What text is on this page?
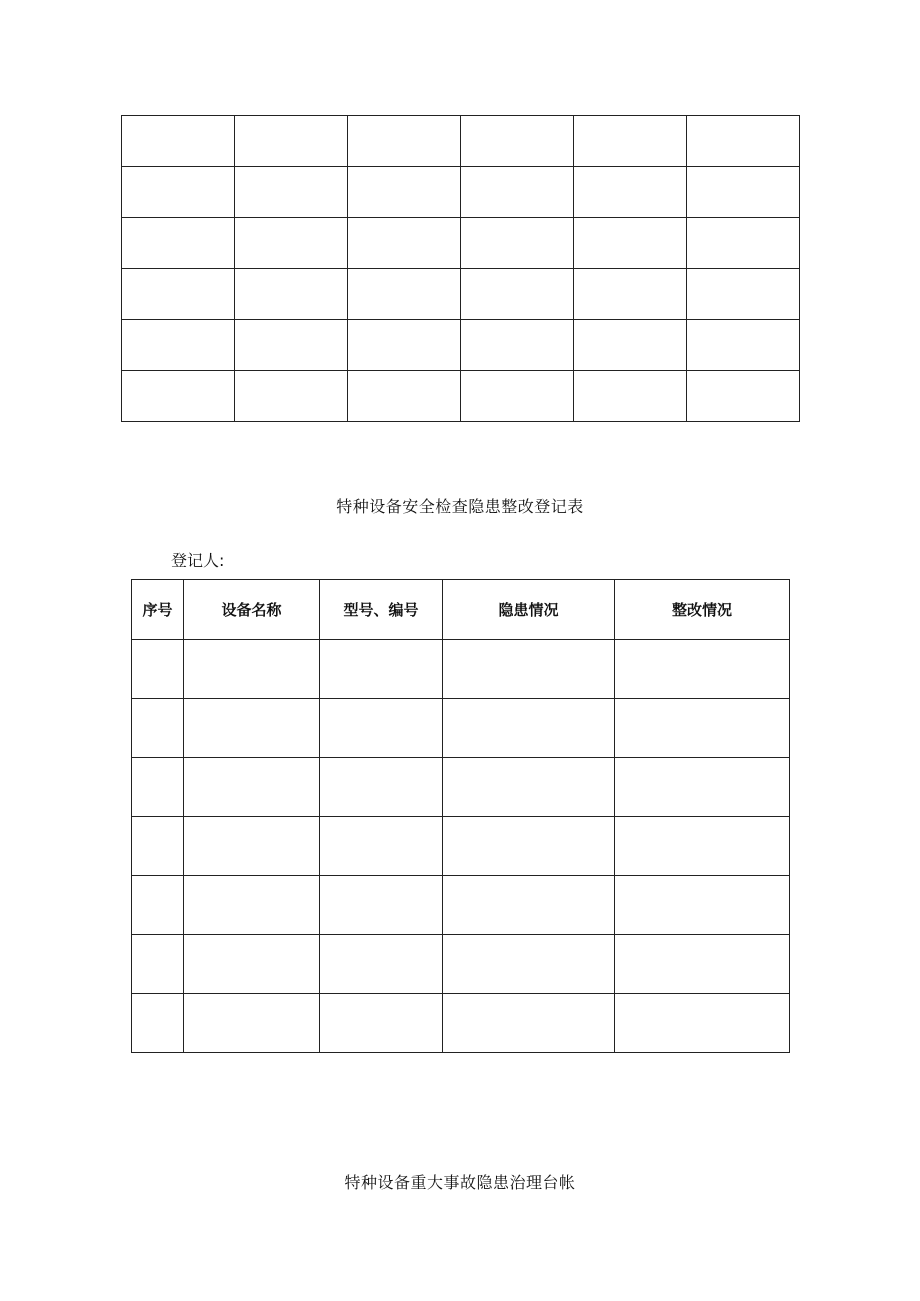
特种设备安全检查隐患整改登记表
登记人:
序号	设备名称	型号、编号	隐患情况	整改情况

特种设备重大事故隐患治理台帐
